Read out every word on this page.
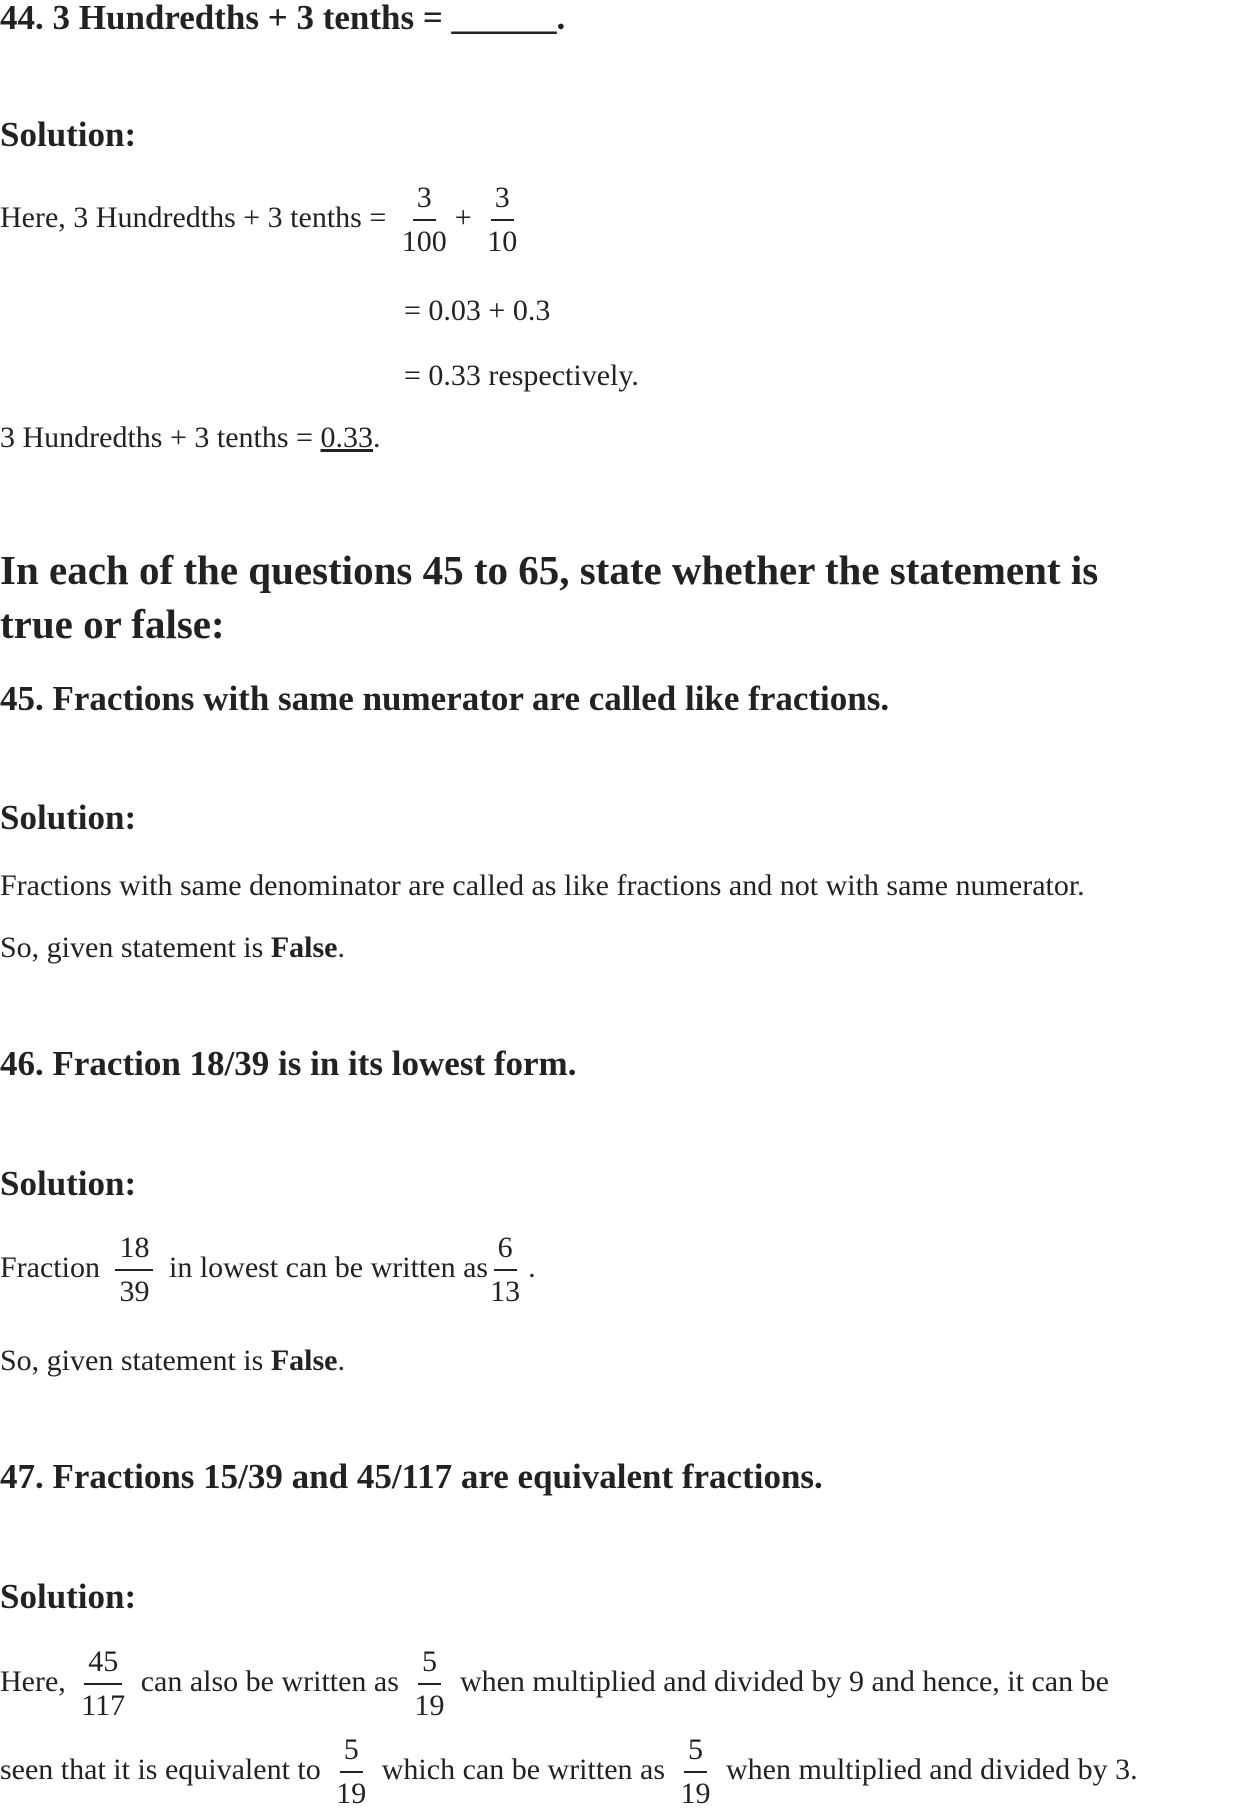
44. 3 Hundredths + 3 tenths = ______.
Solution:
Here, 3 Hundredths + 3 tenths = $\frac{3}{100} + \frac{3}{10}$
= 0.03 + 0.3
= 0.33 respectively.
3 Hundredths + 3 tenths = 0.33.
In each of the questions 45 to 65, state whether the statement is
true or false:
45. Fractions with same numerator are called like fractions.
Solution:
Fractions with same denominator are called as like fractions and not with same numerator.
So, given statement is False.
46. Fraction 18/39 is in its lowest form.
Solution:
Fraction $\frac{18}{39}$ in lowest can be written as $\frac{6}{13}$ .
So, given statement is False.
47. Fractions 15/39 and 45/117 are equivalent fractions.
Solution:
Here, $\frac{45}{117}$ can also be written as $\frac{5}{19}$ when multiplied and divided by 9 and hence, it can be
seen that it is equivalent to $\frac{5}{19}$ which can be written as $\frac{5}{19}$ when multiplied and divided by 3.
